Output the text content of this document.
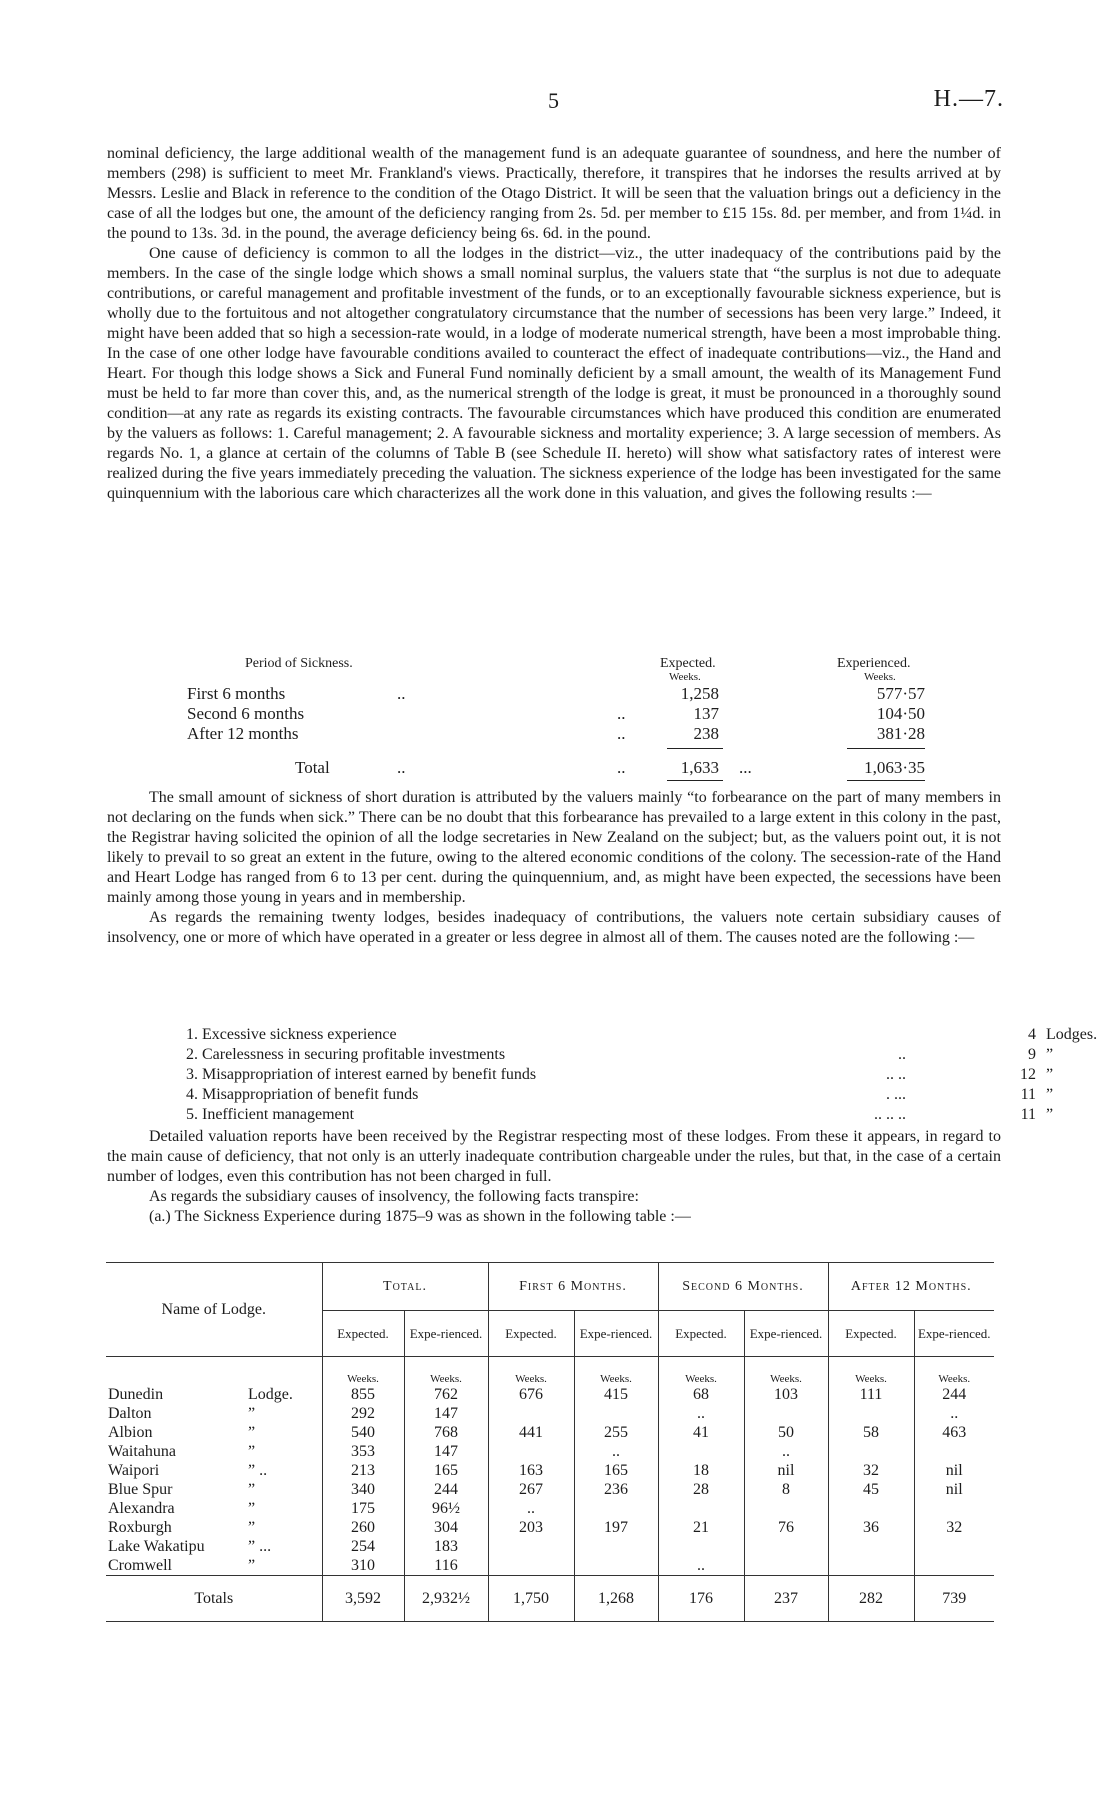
5	H.—7.

nominal deficiency, the large additional wealth of the management fund is an adequate guarantee of soundness, and here the number of members (298) is sufficient to meet Mr. Frankland's views. Practically, therefore, it transpires that he indorses the results arrived at by Messrs. Leslie and Black in reference to the condition of the Otago District. It will be seen that the valuation brings out a deficiency in the case of all the lodges but one, the amount of the deficiency ranging from 2s. 5d. per member to £15 15s. 8d. per member, and from 1¼d. in the pound to 13s. 3d. in the pound, the average deficiency being 6s. 6d. in the pound.

One cause of deficiency is common to all the lodges in the district—viz., the utter inadequacy of the contributions paid by the members. In the case of the single lodge which shows a small nominal surplus, the valuers state that “the surplus is not due to adequate contributions, or careful management and profitable investment of the funds, or to an exceptionally favourable sickness experience, but is wholly due to the fortuitous and not altogether congratulatory circumstance that the number of secessions has been very large.” Indeed, it might have been added that so high a secession-rate would, in a lodge of moderate numerical strength, have been a most improbable thing. In the case of one other lodge have favourable conditions availed to counteract the effect of inadequate contributions—viz., the Hand and Heart. For though this lodge shows a Sick and Funeral Fund nominally deficient by a small amount, the wealth of its Management Fund must be held to far more than cover this, and, as the numerical strength of the lodge is great, it must be pronounced in a thoroughly sound condition—at any rate as regards its existing contracts. The favourable circumstances which have produced this condition are enumerated by the valuers as follows: 1. Careful management; 2. A favourable sickness and mortality experience; 3. A large secession of members. As regards No. 1, a glance at certain of the columns of Table B (see Schedule II. hereto) will show what satisfactory rates of interest were realized during the five years immediately preceding the valuation. The sickness experience of the lodge has been investigated for the same quinquennium with the laborious care which characterizes all the work done in this valuation, and gives the following results :—

Period of Sickness.	Expected.	Experienced.
Weeks.	Weeks.
First 6 months	..	1,258	577·57
Second 6 months	..	137	104·50
After 12 months	..	238	381·28
Total	..	..	1,633 ...	1,063·35

The small amount of sickness of short duration is attributed by the valuers mainly “to forbearance on the part of many members in not declaring on the funds when sick.” There can be no doubt that this forbearance has prevailed to a large extent in this colony in the past, the Registrar having solicited the opinion of all the lodge secretaries in New Zealand on the subject; but, as the valuers point out, it is not likely to prevail to so great an extent in the future, owing to the altered economic conditions of the colony. The secession-rate of the Hand and Heart Lodge has ranged from 6 to 13 per cent. during the quinquennium, and, as might have been expected, the secessions have been mainly among those young in years and in membership.

As regards the remaining twenty lodges, besides inadequacy of contributions, the valuers note certain subsidiary causes of insolvency, one or more of which have operated in a greater or less degree in almost all of them. The causes noted are the following :—

1. Excessive sickness experience	4 Lodges.
2. Carelessness in securing profitable investments	..	9 ”
3. Misappropriation of interest earned by benefit funds	.. ..	12 ”
4. Misappropriation of benefit funds	. ...	11 ”
5. Inefficient management	.. .. ..	11 ”

Detailed valuation reports have been received by the Registrar respecting most of these lodges. From these it appears, in regard to the main cause of deficiency, that not only is an utterly inadequate contribution chargeable under the rules, but that, in the case of a certain number of lodges, even this contribution has not been charged in full.

As regards the subsidiary causes of insolvency, the following facts transpire:

(a.) The Sickness Experience during 1875–9 was as shown in the following table :—

Name of Lodge.	Total.		First 6 Months.		Second 6 Months.		After 12 Months.	
	Expected.	Expe-rienced.	Expected.	Expe-rienced.	Expected.	Expe-rienced.	Expected.	Expe-rienced.
	Weeks.	Weeks.	Weeks.	Weeks.	Weeks.	Weeks.	Weeks.	Weeks.
Dunedin Lodge.	855	762	676	415	68	103	111	244
Dalton ”	292	147			..			..
Albion ”	540	768	441	255	41	50	58	463
Waitahuna ”	353	147		..		..		
Waipori ” ..	213	165	163	165	18	nil	32	nil
Blue Spur ”	340	244	267	236	28	8	45	nil
Alexandra ”	175	96½	..					
Roxburgh ”	260	304	203	197	21	76	36	32
Lake Wakatipu ” ...	254	183						
Cromwell ”	310	116			..			
Totals	3,592	2,932½	1,750	1,268	176	237	282	739
